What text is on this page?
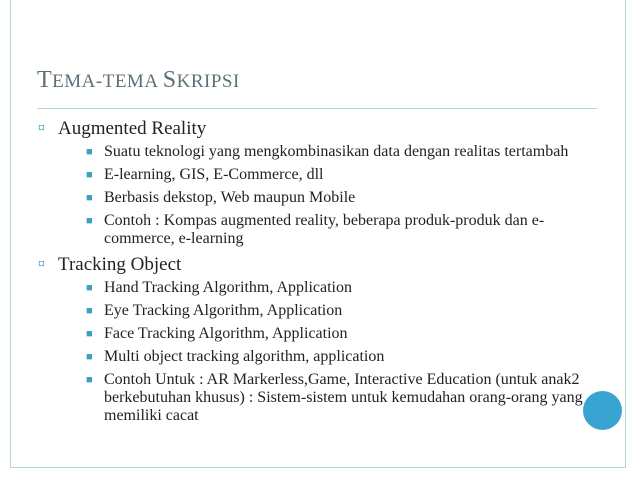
TEMA-TEMA SKRIPSI
¤ Augmented Reality
■ Suatu teknologi yang mengkombinasikan data dengan realitas tertambah
■ E-learning, GIS, E-Commerce, dll
■ Berbasis dekstop, Web maupun Mobile
■ Contoh : Kompas augmented reality, beberapa produk-produk dan e-commerce, e-learning
¤ Tracking Object
■ Hand Tracking Algorithm, Application
■ Eye Tracking Algorithm, Application
■ Face Tracking Algorithm, Application
■ Multi object tracking algorithm, application
■ Contoh Untuk : AR Markerless,Game, Interactive Education (untuk anak2 berkebutuhan khusus) : Sistem-sistem untuk kemudahan orang-orang yang memiliki cacat
